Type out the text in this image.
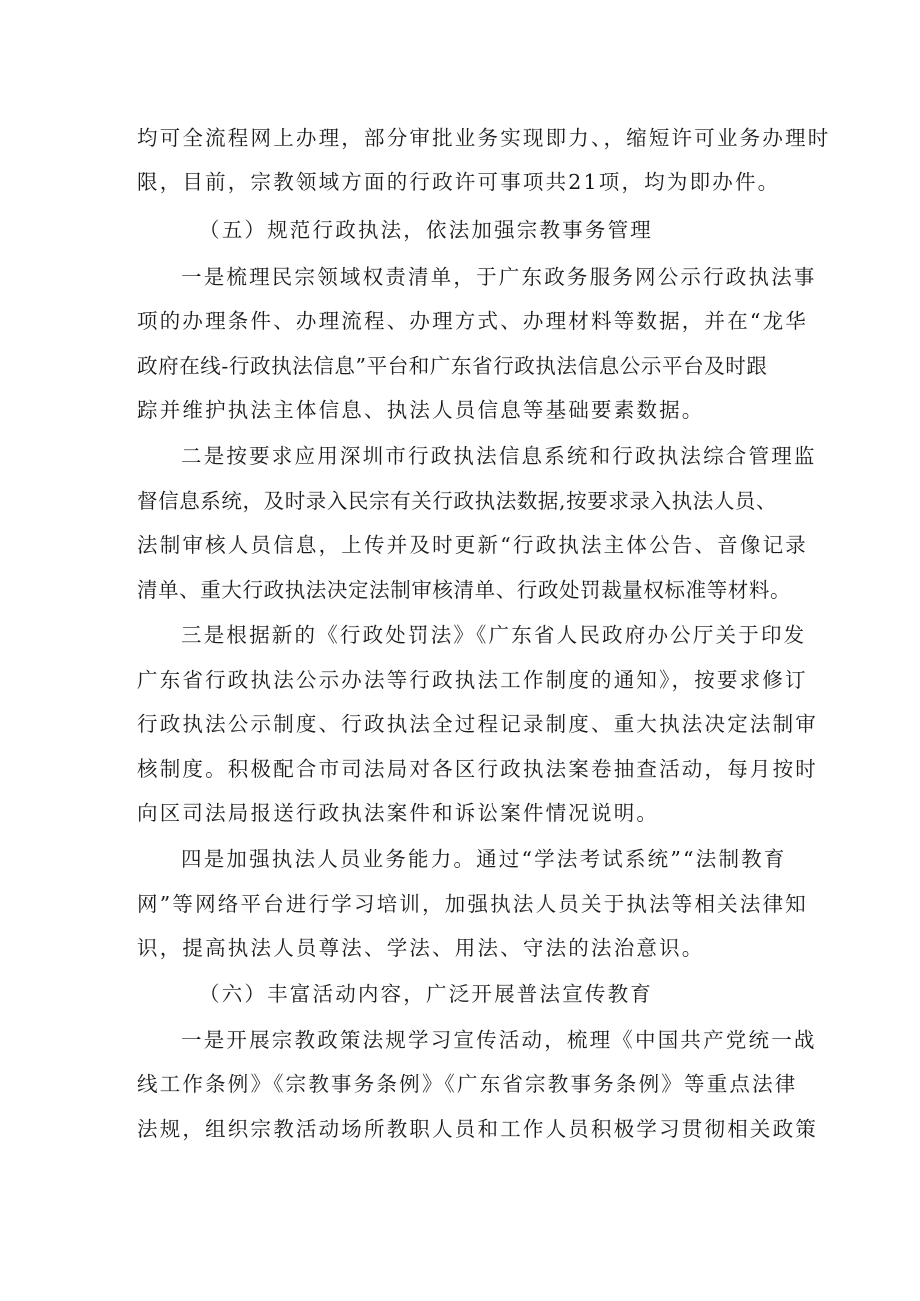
均可全流程网上办理，部分审批业务实现即力、，缩短许可业务办理时
限，目前，宗教领域方面的行政许可事项共21项，均为即办件。
（五）规范行政执法，依法加强宗教事务管理
一是梳理民宗领域权责清单，于广东政务服务网公示行政执法事
项的办理条件、办理流程、办理方式、办理材料等数据，并在“龙华
政府在线-行政执法信息”平台和广东省行政执法信息公示平台及时跟
踪并维护执法主体信息、执法人员信息等基础要素数据。
二是按要求应用深圳市行政执法信息系统和行政执法综合管理监
督信息系统，及时录入民宗有关行政执法数据,按要求录入执法人员、
法制审核人员信息，上传并及时更新“行政执法主体公告、音像记录
清单、重大行政执法决定法制审核清单、行政处罚裁量权标准等材料。
三是根据新的《行政处罚法》《广东省人民政府办公厅关于印发
广东省行政执法公示办法等行政执法工作制度的通知》，按要求修订
行政执法公示制度、行政执法全过程记录制度、重大执法决定法制审
核制度。积极配合市司法局对各区行政执法案卷抽查活动，每月按时
向区司法局报送行政执法案件和诉讼案件情况说明。
四是加强执法人员业务能力。通过“学法考试系统”“法制教育
网”等网络平台进行学习培训，加强执法人员关于执法等相关法律知
识，提高执法人员尊法、学法、用法、守法的法治意识。
（六）丰富活动内容，广泛开展普法宣传教育
一是开展宗教政策法规学习宣传活动，梳理《中国共产党统一战
线工作条例》《宗教事务条例》《广东省宗教事务条例》等重点法律
法规，组织宗教活动场所教职人员和工作人员积极学习贯彻相关政策
